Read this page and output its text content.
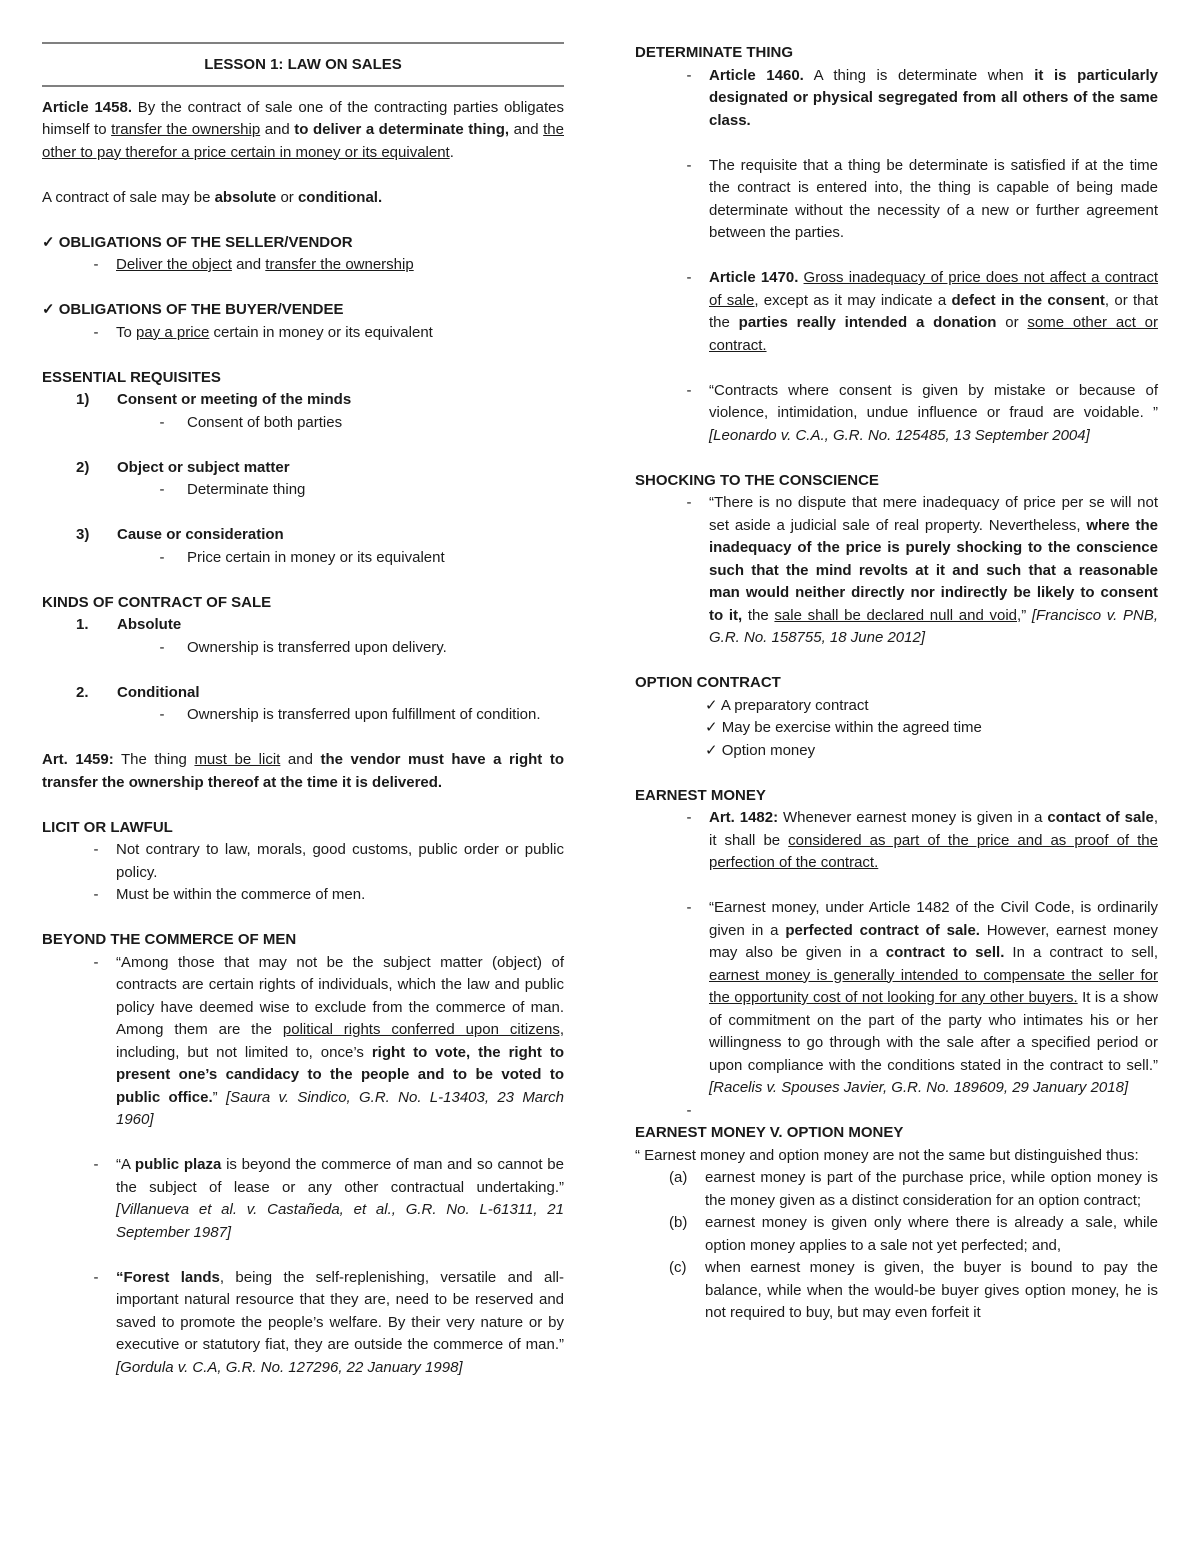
LESSON 1: LAW ON SALES

Article 1458. By the contract of sale one of the contracting parties obligates himself to transfer the ownership and to deliver a determinate thing, and the other to pay therefor a price certain in money or its equivalent.

A contract of sale may be absolute or conditional.

✓ OBLIGATIONS OF THE SELLER/VENDOR

-	Deliver the object and transfer the ownership

✓ OBLIGATIONS OF THE BUYER/VENDEE

-	To pay a price certain in money or its equivalent

ESSENTIAL REQUISITES

1)	Consent or meeting of the minds
-	Consent of both parties
2)	Object or subject matter
-	Determinate thing
3)	Cause or consideration
-	Price certain in money or its equivalent

KINDS OF CONTRACT OF SALE

1.	Absolute
-	Ownership is transferred upon delivery.
2.	Conditional
-	Ownership is transferred upon fulfillment of condition.

Art. 1459: The thing must be licit and the vendor must have a right to transfer the ownership thereof at the time it is delivered.

LICIT OR LAWFUL

-	Not contrary to law, morals, good customs, public order or public policy.
-	Must be within the commerce of men.

BEYOND THE COMMERCE OF MEN

-	“Among those that may not be the subject matter (object) of contracts are certain rights of individuals, which the law and public policy have deemed wise to exclude from the commerce of man. Among them are the political rights conferred upon citizens, including, but not limited to, once’s right to vote, the right to present one’s candidacy to the people and to be voted to public office.” [Saura v. Sindico, G.R. No. L-13403, 23 March 1960]
-	“A public plaza is beyond the commerce of man and so cannot be the subject of lease or any other contractual undertaking.” [Villanueva et al. v. Castañeda, et al., G.R. No. L-61311, 21 September 1987]
-	“Forest lands, being the self-replenishing, versatile and all-important natural resource that they are, need to be reserved and saved to promote the people’s welfare. By their very nature or by executive or statutory fiat, they are outside the commerce of man.” [Gordula v. C.A, G.R. No. 127296, 22 January 1998]

DETERMINATE THING

-	Article 1460. A thing is determinate when it is particularly designated or physical segregated from all others of the same class.
-	The requisite that a thing be determinate is satisfied if at the time the contract is entered into, the thing is capable of being made determinate without the necessity of a new or further agreement between the parties.
-	Article 1470. Gross inadequacy of price does not affect a contract of sale, except as it may indicate a defect in the consent, or that the parties really intended a donation or some other act or contract.
-	“Contracts where consent is given by mistake or because of violence, intimidation, undue influence or fraud are voidable. ” [Leonardo v. C.A., G.R. No. 125485, 13 September 2004]

SHOCKING TO THE CONSCIENCE

-	“There is no dispute that mere inadequacy of price per se will not set aside a judicial sale of real property. Nevertheless, where the inadequacy of the price is purely shocking to the conscience such that the mind revolts at it and such that a reasonable man would neither directly nor indirectly be likely to consent to it, the sale shall be declared null and void,” [Francisco v. PNB, G.R. No. 158755, 18 June 2012]

OPTION CONTRACT

✓ A preparatory contract

✓ May be exercise within the agreed time

✓ Option money

EARNEST MONEY

-	Art. 1482: Whenever earnest money is given in a contact of sale, it shall be considered as part of the price and as proof of the perfection of the contract.
-	“Earnest money, under Article 1482 of the Civil Code, is ordinarily given in a perfected contract of sale. However, earnest money may also be given in a contract to sell. In a contract to sell, earnest money is generally intended to compensate the seller for the opportunity cost of not looking for any other buyers. It is a show of commitment on the part of the party who intimates his or her willingness to go through with the sale after a specified period or upon compliance with the conditions stated in the contract to sell.” [Racelis v. Spouses Javier, G.R. No. 189609, 29 January 2018]
-

EARNEST MONEY V. OPTION MONEY

“ Earnest money and option money are not the same but distinguished thus:

(a)	earnest money is part of the purchase price, while option money is the money given as a distinct consideration for an option contract;
(b)	earnest money is given only where there is already a sale, while option money applies to a sale not yet perfected; and,
(c)	when earnest money is given, the buyer is bound to pay the balance, while when the would-be buyer gives option money, he is not required to buy, but may even forfeit it
